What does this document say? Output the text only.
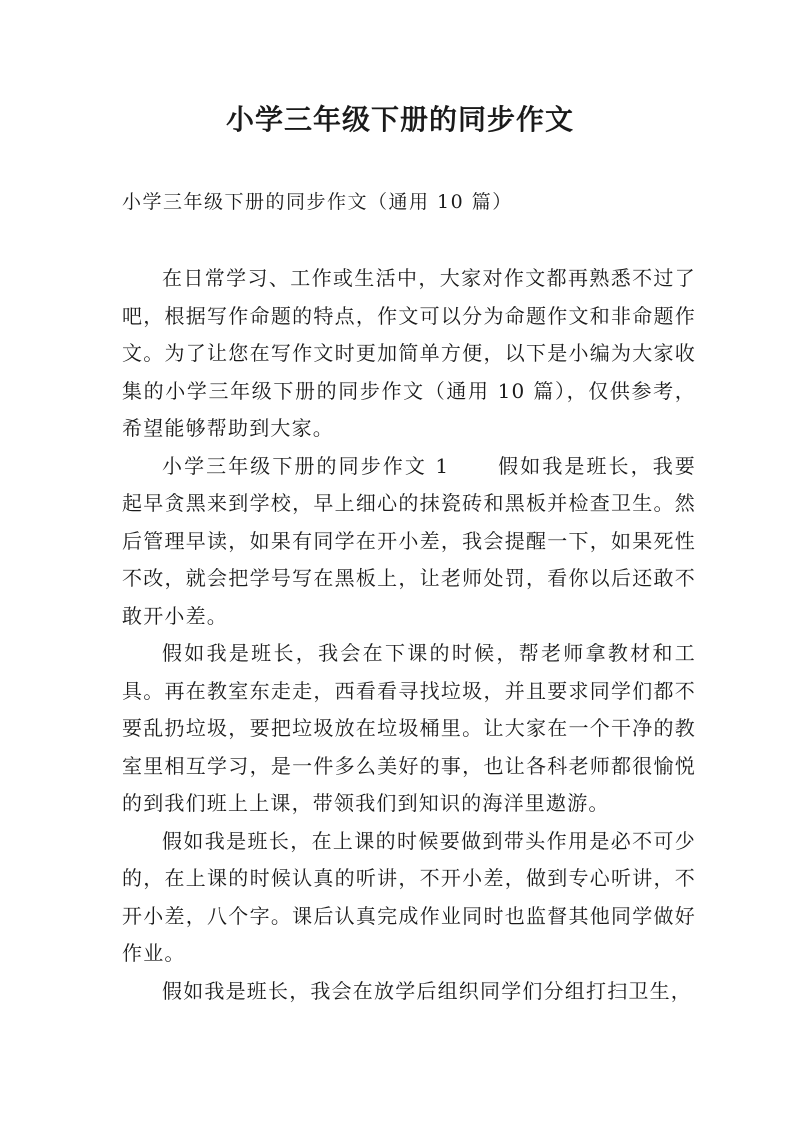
小学三年级下册的同步作文

小学三年级下册的同步作文（通用 10 篇）

在日常学习、工作或生活中，大家对作文都再熟悉不过了吧，根据写作命题的特点，作文可以分为命题作文和非命题作文。为了让您在写作文时更加简单方便，以下是小编为大家收集的小学三年级下册的同步作文（通用 10 篇），仅供参考，希望能够帮助到大家。

小学三年级下册的同步作文 1 假如我是班长，我要起早贪黑来到学校，早上细心的抹瓷砖和黑板并检查卫生。然后管理早读，如果有同学在开小差，我会提醒一下，如果死性不改，就会把学号写在黑板上，让老师处罚，看你以后还敢不敢开小差。

假如我是班长，我会在下课的时候，帮老师拿教材和工具。再在教室东走走，西看看寻找垃圾，并且要求同学们都不要乱扔垃圾，要把垃圾放在垃圾桶里。让大家在一个干净的教室里相互学习，是一件多么美好的事，也让各科老师都很愉悦的到我们班上上课，带领我们到知识的海洋里遨游。

假如我是班长，在上课的时候要做到带头作用是必不可少的，在上课的时候认真的听讲，不开小差，做到专心听讲，不开小差，八个字。课后认真完成作业同时也监督其他同学做好作业。

假如我是班长，我会在放学后组织同学们分组打扫卫生，
